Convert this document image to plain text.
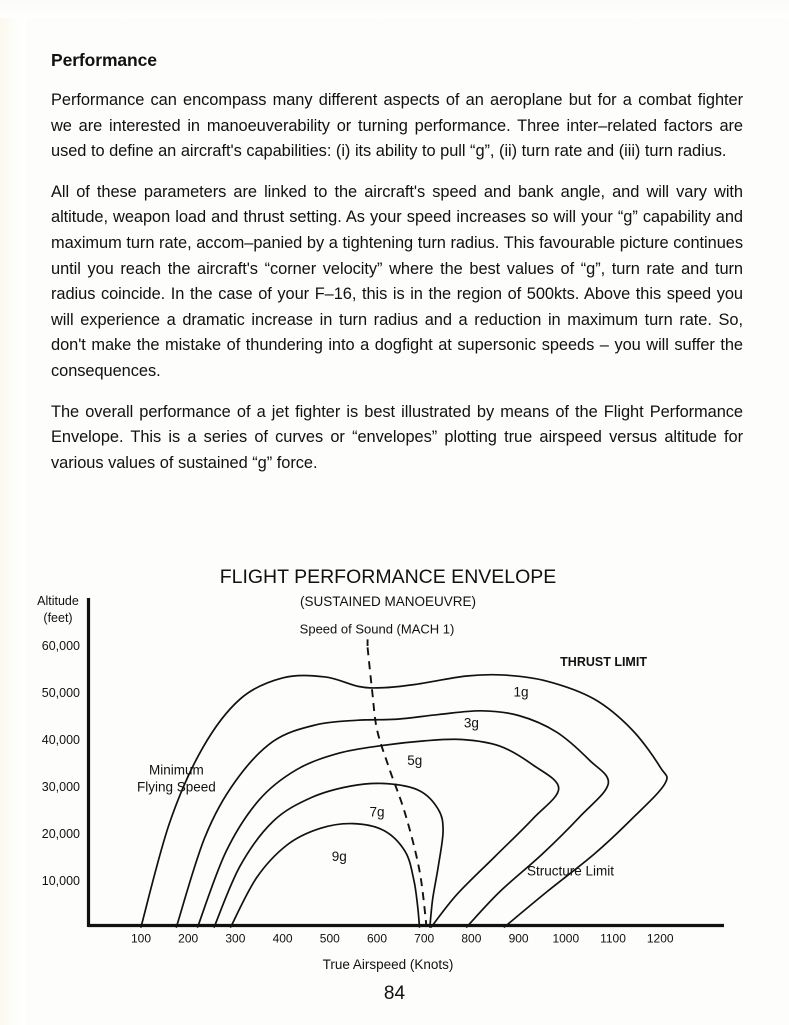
Performance

Performance can encompass many different aspects of an aeroplane but for a combat fighter we are interested in manoeuverability or turning performance. Three inter–related factors are used to define an aircraft's capabilities: (i) its ability to pull “g”, (ii) turn rate and (iii) turn radius.

All of these parameters are linked to the aircraft's speed and bank angle, and will vary with altitude, weapon load and thrust setting. As your speed increases so will your “g” capability and maximum turn rate, accom–panied by a tightening turn radius. This favourable picture continues until you reach the aircraft's “corner velocity” where the best values of “g”, turn rate and turn radius coincide. In the case of your F–16, this is in the region of 500kts. Above this speed you will experience a dramatic increase in turn radius and a reduction in maximum turn rate. So, don't make the mistake of thundering into a dogfight at supersonic speeds – you will suffer the consequences.

The overall performance of a jet fighter is best illustrated by means of the Flight Performance Envelope. This is a series of curves or “envelopes” plotting true airspeed versus altitude for various values of sustained “g” force.

FLIGHT PERFORMANCE ENVELOPE
(SUSTAINED MANOEUVRE)
Altitude
(feet)
True Airspeed (Knots)
10,000
20,000
30,000
40,000
50,000
60,000
100 200 300 400 500 600 700 800 900 1000 1100 1200
1g
3g
5g
7g
9g
Speed of Sound (MACH 1)
THRUST LIMIT
Structure Limit
Minimum Flying Speed
84
